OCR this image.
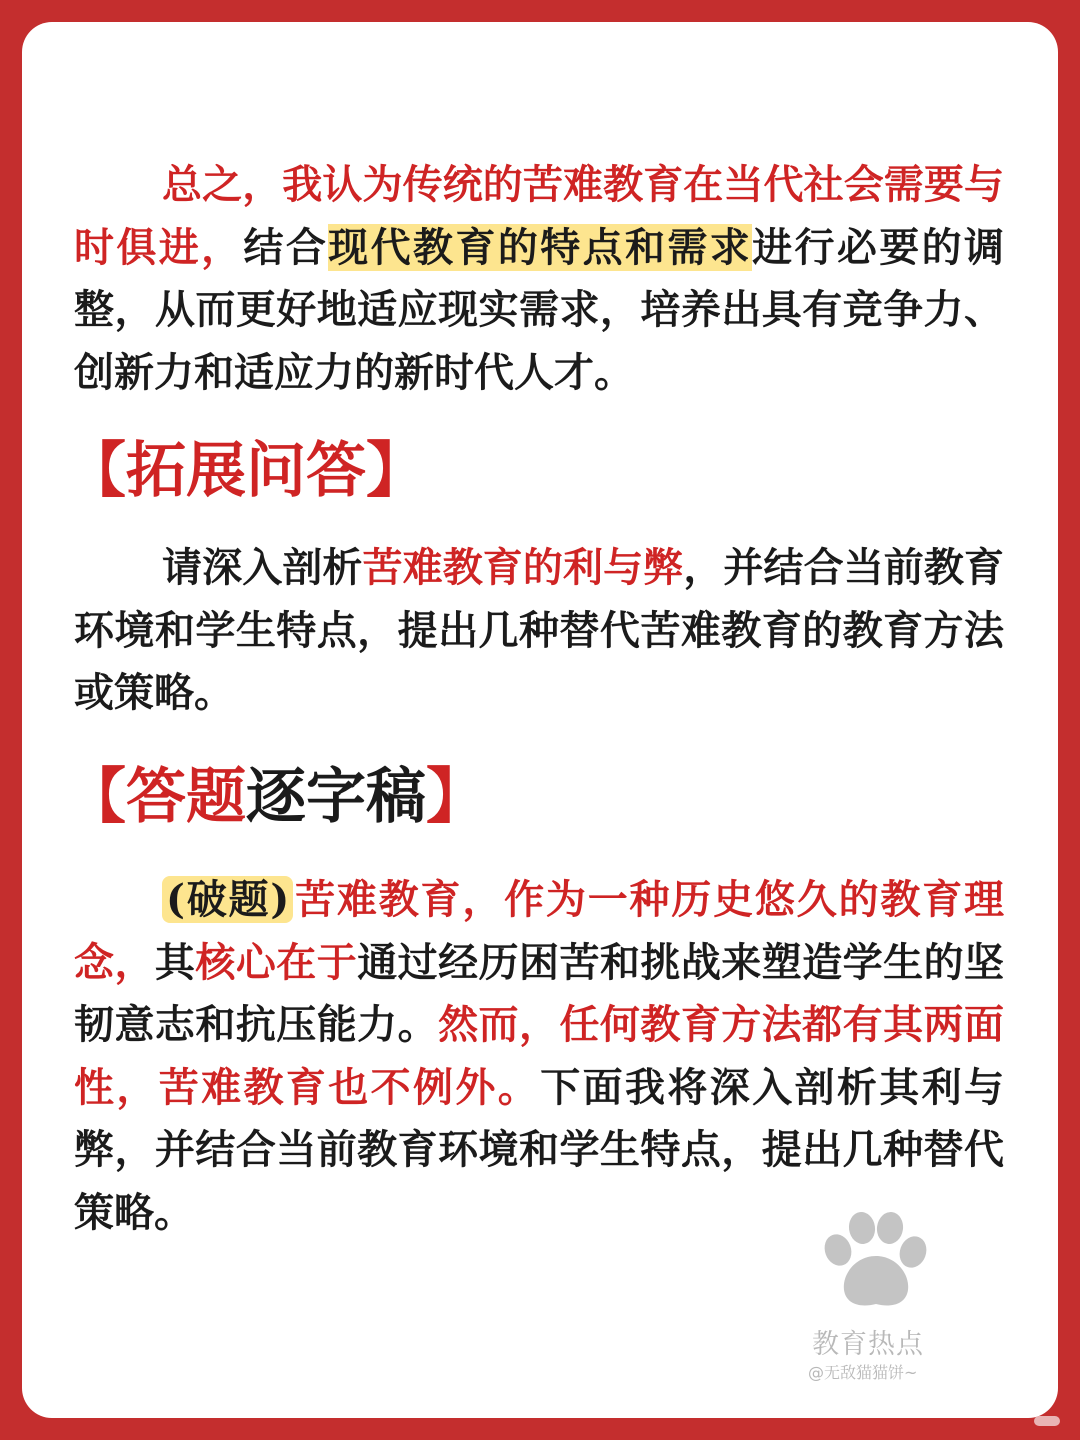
总之，我认为传统的苦难教育在当代社会需要与时俱进，结合现代教育的特点和需求进行必要的调整，从而更好地适应现实需求，培养出具有竞争力、创新力和适应力的新时代人才。

【拓展问答】

请深入剖析苦难教育的利与弊，并结合当前教育环境和学生特点，提出几种替代苦难教育的教育方法或策略。

【答题逐字稿】

(破题) 苦难教育，作为一种历史悠久的教育理念，其核心在于通过经历困苦和挑战来塑造学生的坚韧意志和抗压能力。然而，任何教育方法都有其两面性，苦难教育也不例外。下面我将深入剖析其利与弊，并结合当前教育环境和学生特点，提出几种替代策略。

教育热点
@无敌猫猫饼~
